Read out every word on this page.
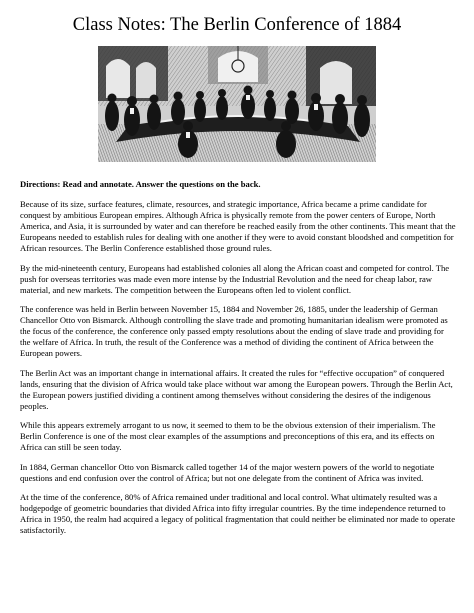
Class Notes: The Berlin Conference of 1884

Directions: Read and annotate. Answer the questions on the back.

Because of its size, surface features, climate, resources, and strategic importance, Africa became a prime candidate for conquest by ambitious European empires. Although Africa is physically remote from the power centers of Europe, North America, and Asia, it is surrounded by water and can therefore be reached easily from the other continents. This meant that the Europeans needed to establish rules for dealing with one another if they were to avoid constant bloodshed and competition for African resources. The Berlin Conference established those ground rules.

By the mid-nineteenth century, Europeans had established colonies all along the African coast and competed for control. The push for overseas territories was made even more intense by the Industrial Revolution and the need for cheap labor, raw material, and new markets. The competition between the Europeans often led to violent conflict.

The conference was held in Berlin between November 15, 1884 and November 26, 1885, under the leadership of German Chancellor Otto von Bismarck. Although controlling the slave trade and promoting humanitarian idealism were promoted as the focus of the conference, the conference only passed empty resolutions about the ending of slave trade and providing for the welfare of Africa. In truth, the result of the Conference was a method of dividing the continent of Africa between the European powers.

The Berlin Act was an important change in international affairs. It created the rules for “effective occupation” of conquered lands, ensuring that the division of Africa would take place without war among the European powers. Through the Berlin Act, the European powers justified dividing a continent among themselves without considering the desires of the indigenous peoples.

While this appears extremely arrogant to us now, it seemed to them to be the obvious extension of their imperialism. The Berlin Conference is one of the most clear examples of the assumptions and preconceptions of this era, and its effects on Africa can still be seen today.

In 1884, German chancellor Otto von Bismarck called together 14 of the major western powers of the world to negotiate questions and end confusion over the control of Africa; but not one delegate from the continent of Africa was invited.

At the time of the conference, 80% of Africa remained under traditional and local control. What ultimately resulted was a hodgepodge of geometric boundaries that divided Africa into fifty irregular countries. By the time independence returned to Africa in 1950, the realm had acquired a legacy of political fragmentation that could neither be eliminated nor made to operate satisfactorily.
